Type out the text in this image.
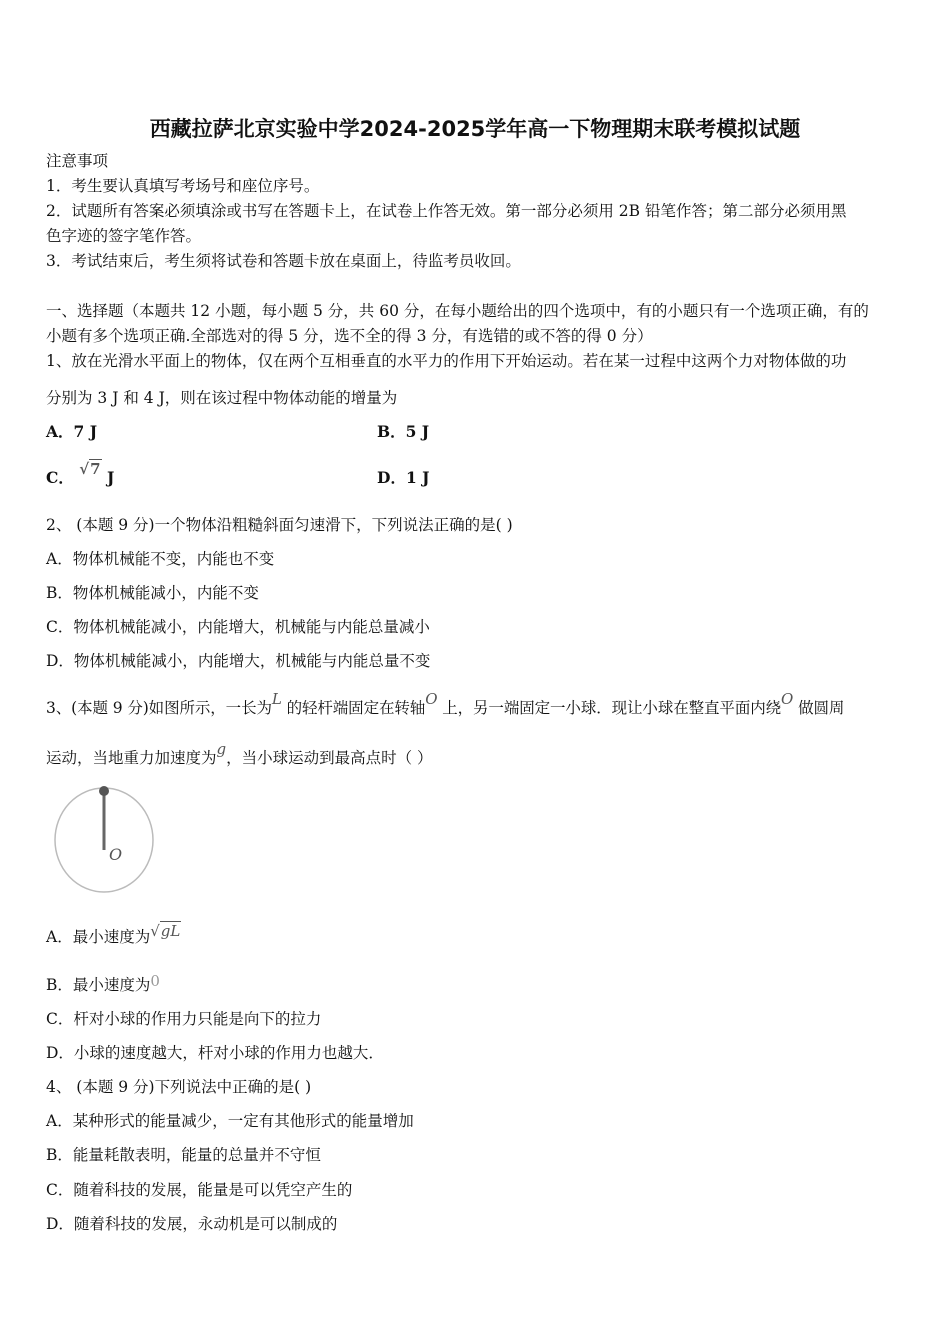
西藏拉萨北京实验中学2024-2025学年高一下物理期末联考模拟试题
注意事项
1．考生要认真填写考场号和座位序号。
2．试题所有答案必须填涂或书写在答题卡上，在试卷上作答无效。第一部分必须用 2B 铅笔作答；第二部分必须用黑
色字迹的签字笔作答。
3．考试结束后，考生须将试卷和答题卡放在桌面上，待监考员收回。
一、选择题（本题共 12 小题，每小题 5 分，共 60 分，在每小题给出的四个选项中，有的小题只有一个选项正确，有的
小题有多个选项正确.全部选对的得 5 分，选不全的得 3 分，有选错的或不答的得 0 分）
1、放在光滑水平面上的物体，仅在两个互相垂直的水平力的作用下开始运动。若在某一过程中这两个力对物体做的功
分别为 3 J 和 4 J，则在该过程中物体动能的增量为
A．7 J	B．5 J
C． √7 J	D．1 J
2、 (本题 9 分)一个物体沿粗糙斜面匀速滑下，下列说法正确的是( )
A．物体机械能不变，内能也不变
B．物体机械能减小，内能不变
C．物体机械能减小，内能增大，机械能与内能总量减小
D．物体机械能减小，内能增大，机械能与内能总量不变
3、(本题 9 分)如图所示，一长为L 的轻杆端固定在转轴O 上，另一端固定一小球．现让小球在整直平面内绕O 做圆周
运动，当地重力加速度为g，当小球运动到最高点时（ ）
O
A．最小速度为√gL
B．最小速度为0
C．杆对小球的作用力只能是向下的拉力
D．小球的速度越大，杆对小球的作用力也越大．
4、 (本题 9 分)下列说法中正确的是( )
A．某种形式的能量减少，一定有其他形式的能量增加
B．能量耗散表明，能量的总量并不守恒
C．随着科技的发展，能量是可以凭空产生的
D．随着科技的发展，永动机是可以制成的
